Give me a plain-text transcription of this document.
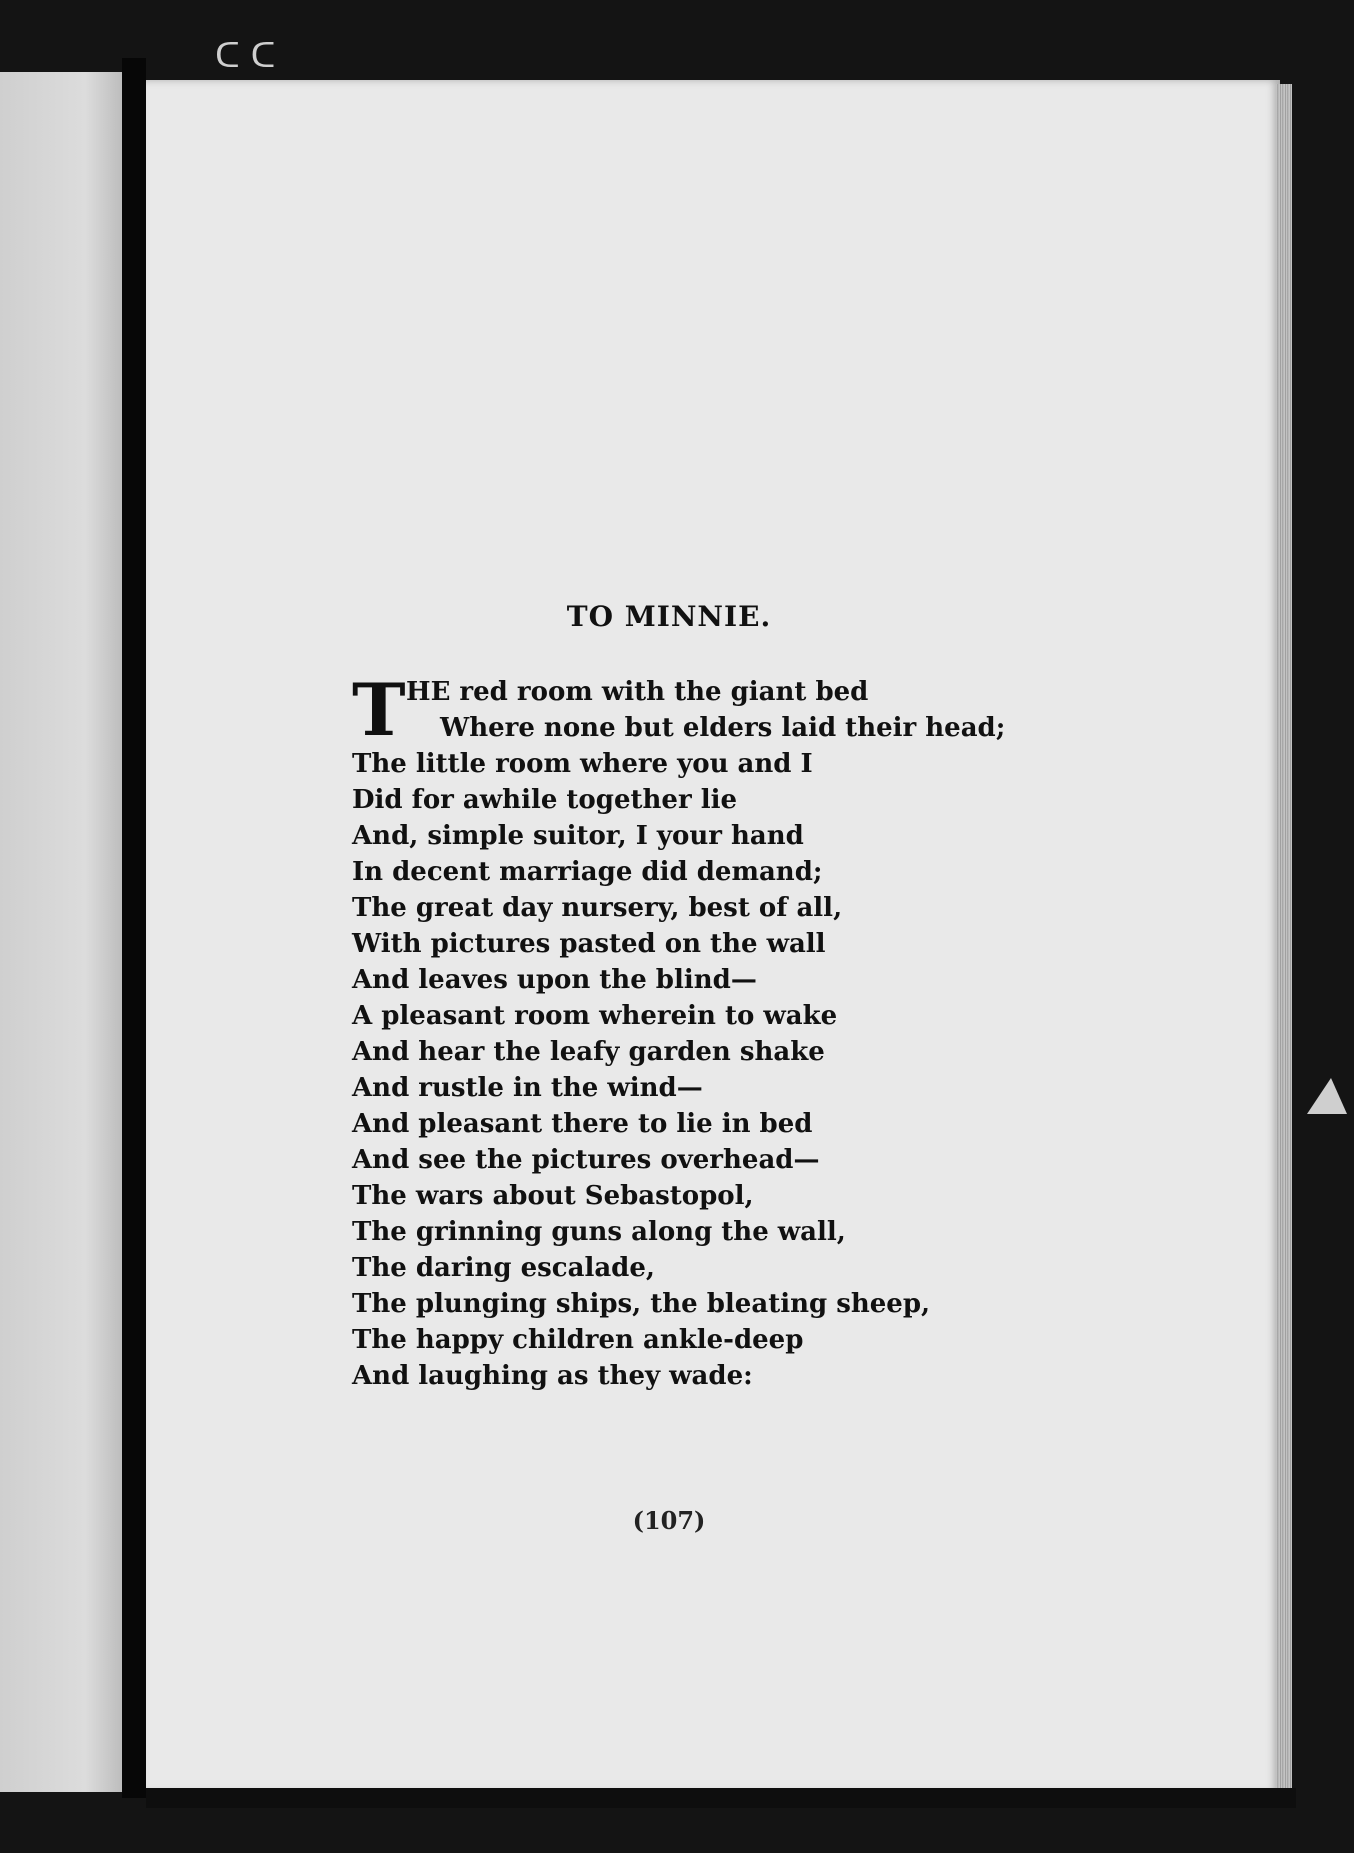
ᑕ ᑕ
TO MINNIE.
T HE red room with the giant bed
Where none but elders laid their head;
The little room where you and I
Did for awhile together lie
And, simple suitor, I your hand
In decent marriage did demand;
The great day nursery, best of all,
With pictures pasted on the wall
And leaves upon the blind—
A pleasant room wherein to wake
And hear the leafy garden shake
And rustle in the wind—
And pleasant there to lie in bed
And see the pictures overhead—
The wars about Sebastopol,
The grinning guns along the wall,
The daring escalade,
The plunging ships, the bleating sheep,
The happy children ankle-deep
And laughing as they wade:
(107)
